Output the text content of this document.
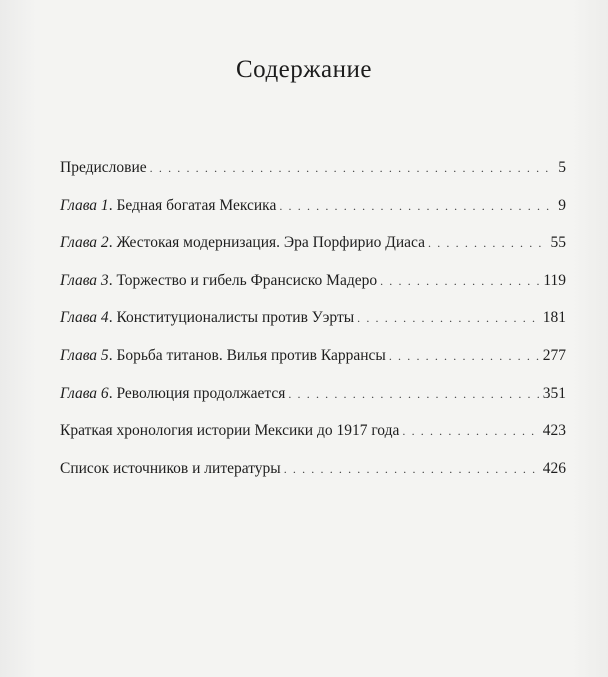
Содержание
Предисловие . . .	5
Глава 1. Бедная богатая Мексика . . .	9
Глава 2. Жестокая модернизация. Эра Порфирио Диаса . . .	55
Глава 3. Торжество и гибель Франсиско Мадеро . . .	119
Глава 4. Конституционалисты против Уэрты . . .	181
Глава 5. Борьба титанов. Вилья против Каррансы . . .	277
Глава 6. Революция продолжается . . .	351
Краткая хронология истории Мексики до 1917 года . . .	423
Список источников и литературы . . .	426
